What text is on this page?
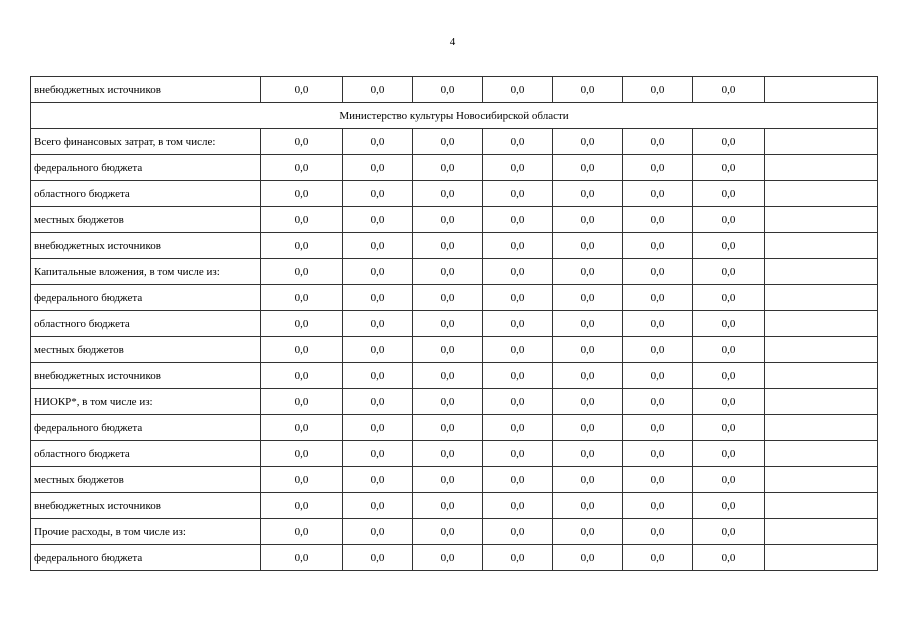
4
внебюджетных источников	0,0	0,0	0,0	0,0	0,0	0,0	0,0	
Министерство культуры Новосибирской области								
Всего финансовых затрат, в том числе:	0,0	0,0	0,0	0,0	0,0	0,0	0,0	
федерального бюджета	0,0	0,0	0,0	0,0	0,0	0,0	0,0	
областного бюджета	0,0	0,0	0,0	0,0	0,0	0,0	0,0	
местных бюджетов	0,0	0,0	0,0	0,0	0,0	0,0	0,0	
внебюджетных источников	0,0	0,0	0,0	0,0	0,0	0,0	0,0	
Капитальные вложения, в том числе из:	0,0	0,0	0,0	0,0	0,0	0,0	0,0	
федерального бюджета	0,0	0,0	0,0	0,0	0,0	0,0	0,0	
областного бюджета	0,0	0,0	0,0	0,0	0,0	0,0	0,0	
местных бюджетов	0,0	0,0	0,0	0,0	0,0	0,0	0,0	
внебюджетных источников	0,0	0,0	0,0	0,0	0,0	0,0	0,0	
НИОКР*, в том числе из:	0,0	0,0	0,0	0,0	0,0	0,0	0,0	
федерального бюджета	0,0	0,0	0,0	0,0	0,0	0,0	0,0	
областного бюджета	0,0	0,0	0,0	0,0	0,0	0,0	0,0	
местных бюджетов	0,0	0,0	0,0	0,0	0,0	0,0	0,0	
внебюджетных источников	0,0	0,0	0,0	0,0	0,0	0,0	0,0	
Прочие расходы, в том числе из:	0,0	0,0	0,0	0,0	0,0	0,0	0,0	
федерального бюджета	0,0	0,0	0,0	0,0	0,0	0,0	0,0	
